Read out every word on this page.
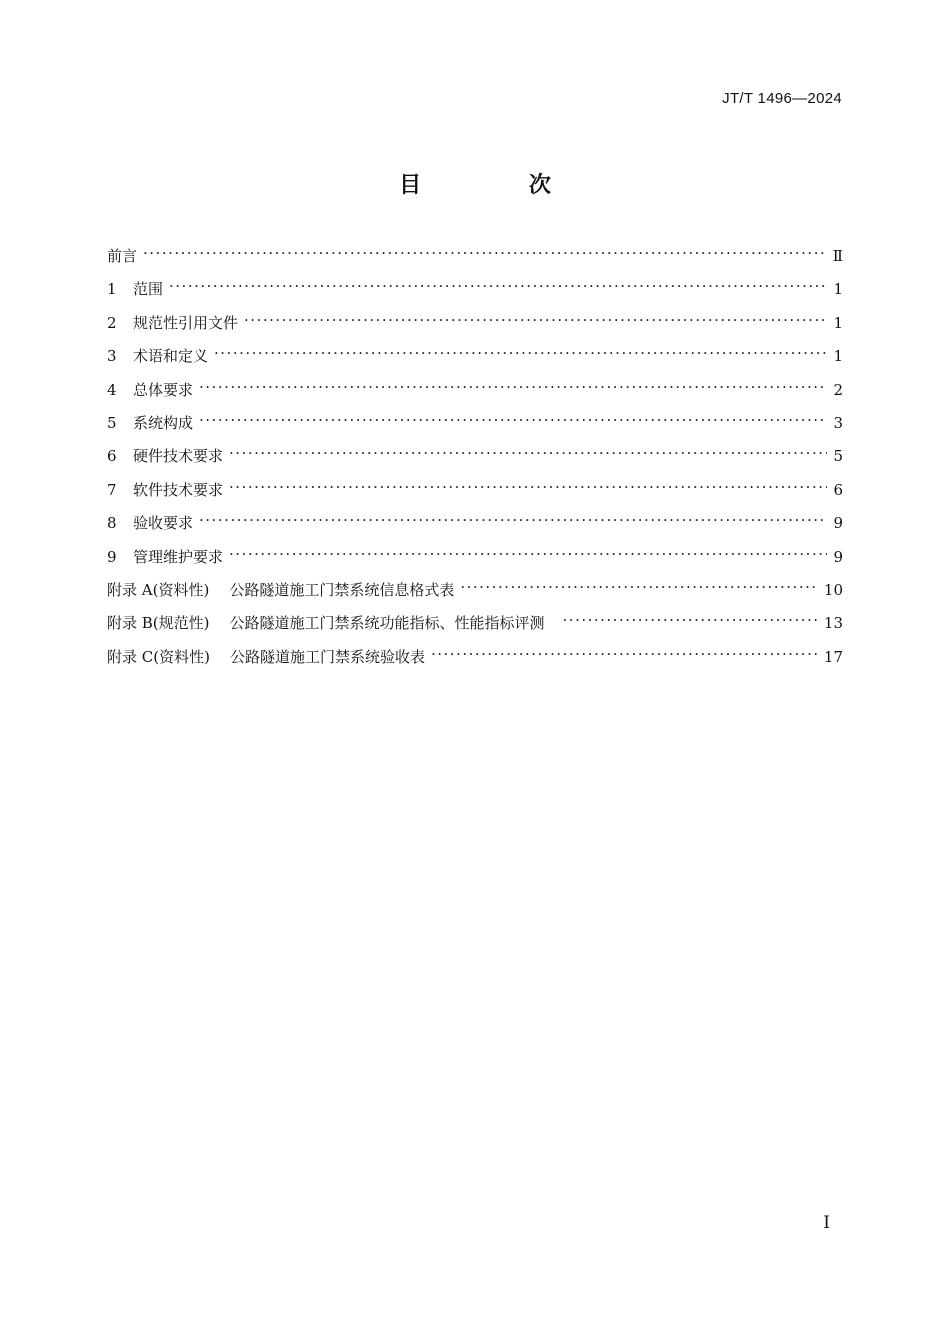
JT/T 1496—2024
目 次
前言 ·····	Ⅱ
1	范围 ·····	1
2	规范性引用文件 ·····	1
3	术语和定义 ·····	1
4	总体要求 ·····	2
5	系统构成 ·····	3
6	硬件技术要求 ·····	5
7	软件技术要求 ·····	6
8	验收要求 ·····	9
9	管理维护要求 ·····	9
附录 A (资料性) 公路隧道施工门禁系统信息格式表 ·····	10
附录 B (规范性) 公路隧道施工门禁系统功能指标、性能指标评测 ·····	13
附录 C (资料性) 公路隧道施工门禁系统验收表 ·····	17
Ⅰ
